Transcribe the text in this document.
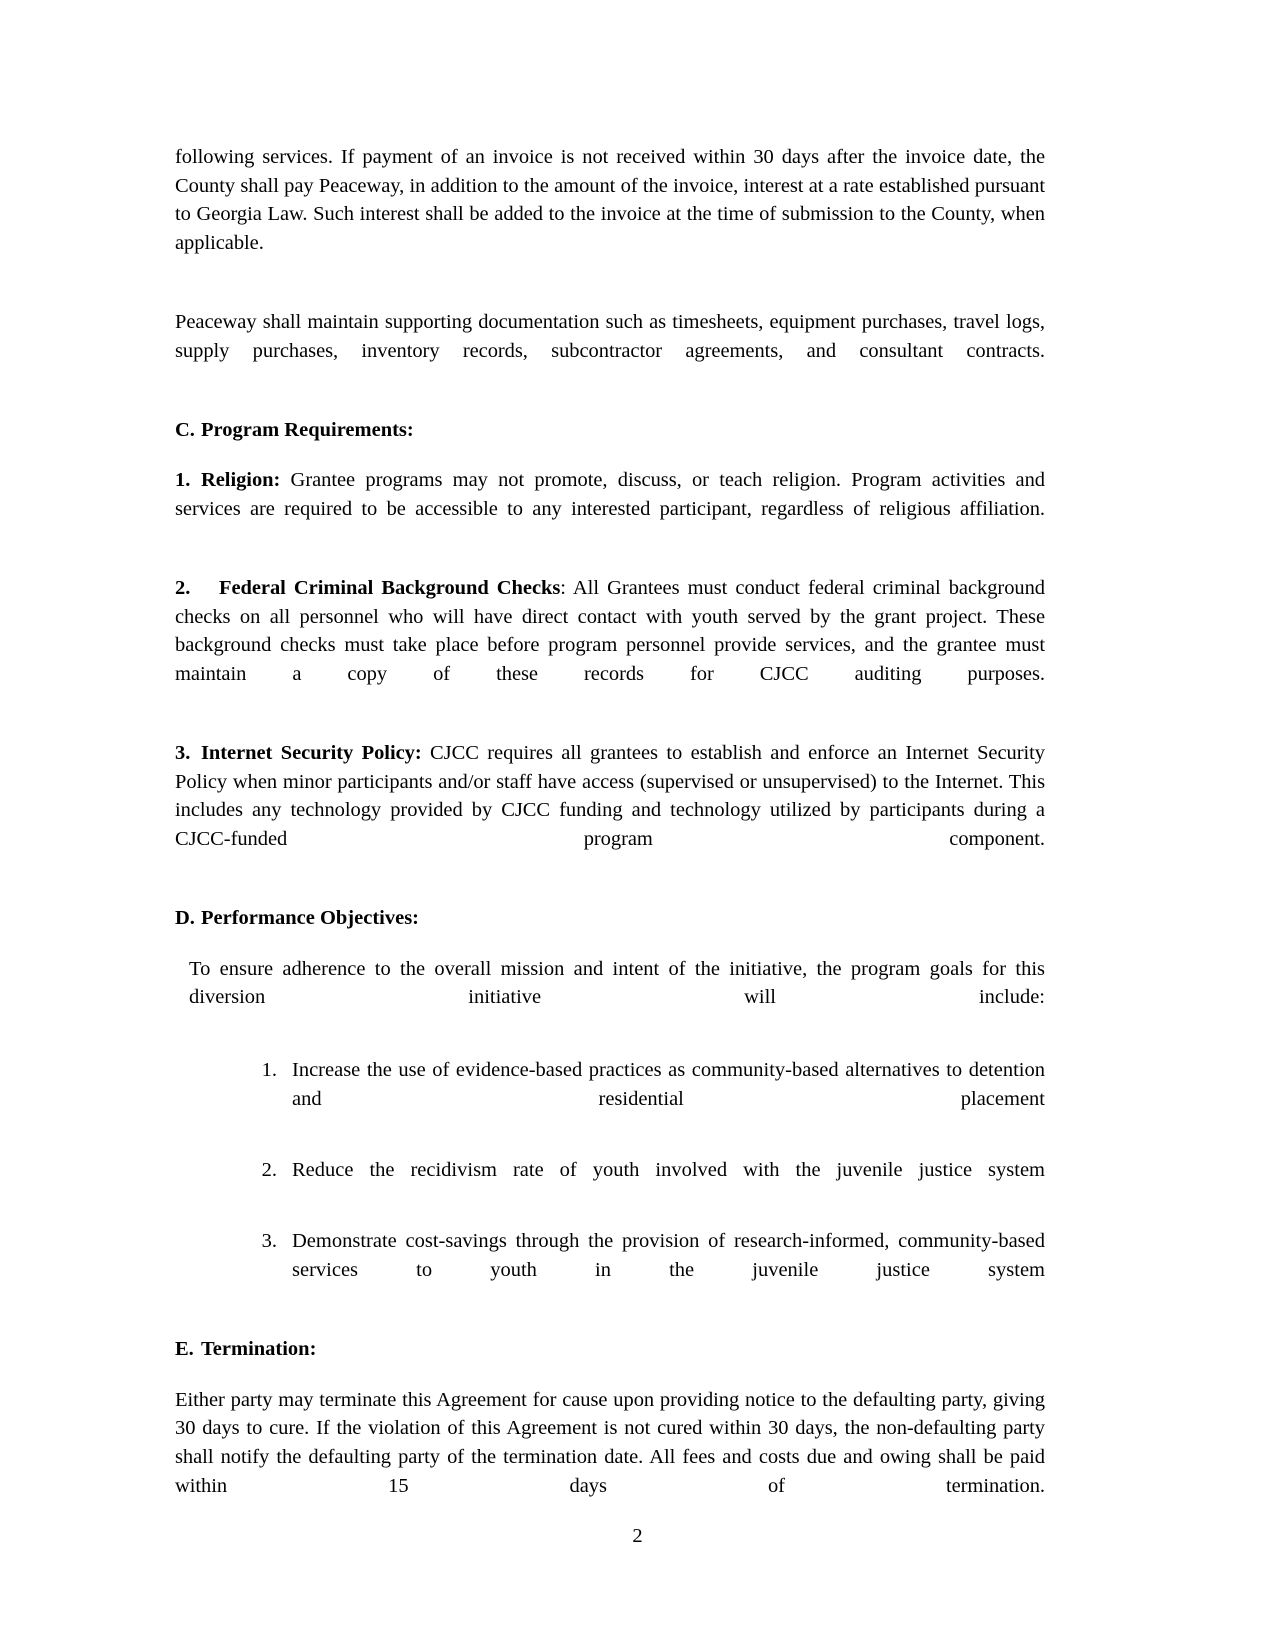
following services. If payment of an invoice is not received within 30 days after the invoice date, the County shall pay Peaceway, in addition to the amount of the invoice, interest at a rate established pursuant to Georgia Law. Such interest shall be added to the invoice at the time of submission to the County, when applicable.

Peaceway shall maintain supporting documentation such as timesheets, equipment purchases, travel logs, supply purchases, inventory records, subcontractor agreements, and consultant contracts.

C. Program Requirements:

1. Religion: Grantee programs may not promote, discuss, or teach religion. Program activities and services are required to be accessible to any interested participant, regardless of religious affiliation.

2. Federal Criminal Background Checks: All Grantees must conduct federal criminal background checks on all personnel who will have direct contact with youth served by the grant project. These background checks must take place before program personnel provide services, and the grantee must maintain a copy of these records for CJCC auditing purposes.

3. Internet Security Policy: CJCC requires all grantees to establish and enforce an Internet Security Policy when minor participants and/or staff have access (supervised or unsupervised) to the Internet. This includes any technology provided by CJCC funding and technology utilized by participants during a CJCC-funded program component.

D. Performance Objectives:

To ensure adherence to the overall mission and intent of the initiative, the program goals for this diversion initiative will include:

1. Increase the use of evidence-based practices as community-based alternatives to detention and residential placement
2. Reduce the recidivism rate of youth involved with the juvenile justice system
3. Demonstrate cost-savings through the provision of research-informed, community-based services to youth in the juvenile justice system
E. Termination:

Either party may terminate this Agreement for cause upon providing notice to the defaulting party, giving 30 days to cure. If the violation of this Agreement is not cured within 30 days, the non-defaulting party shall notify the defaulting party of the termination date. All fees and costs due and owing shall be paid within 15 days of termination.

2
